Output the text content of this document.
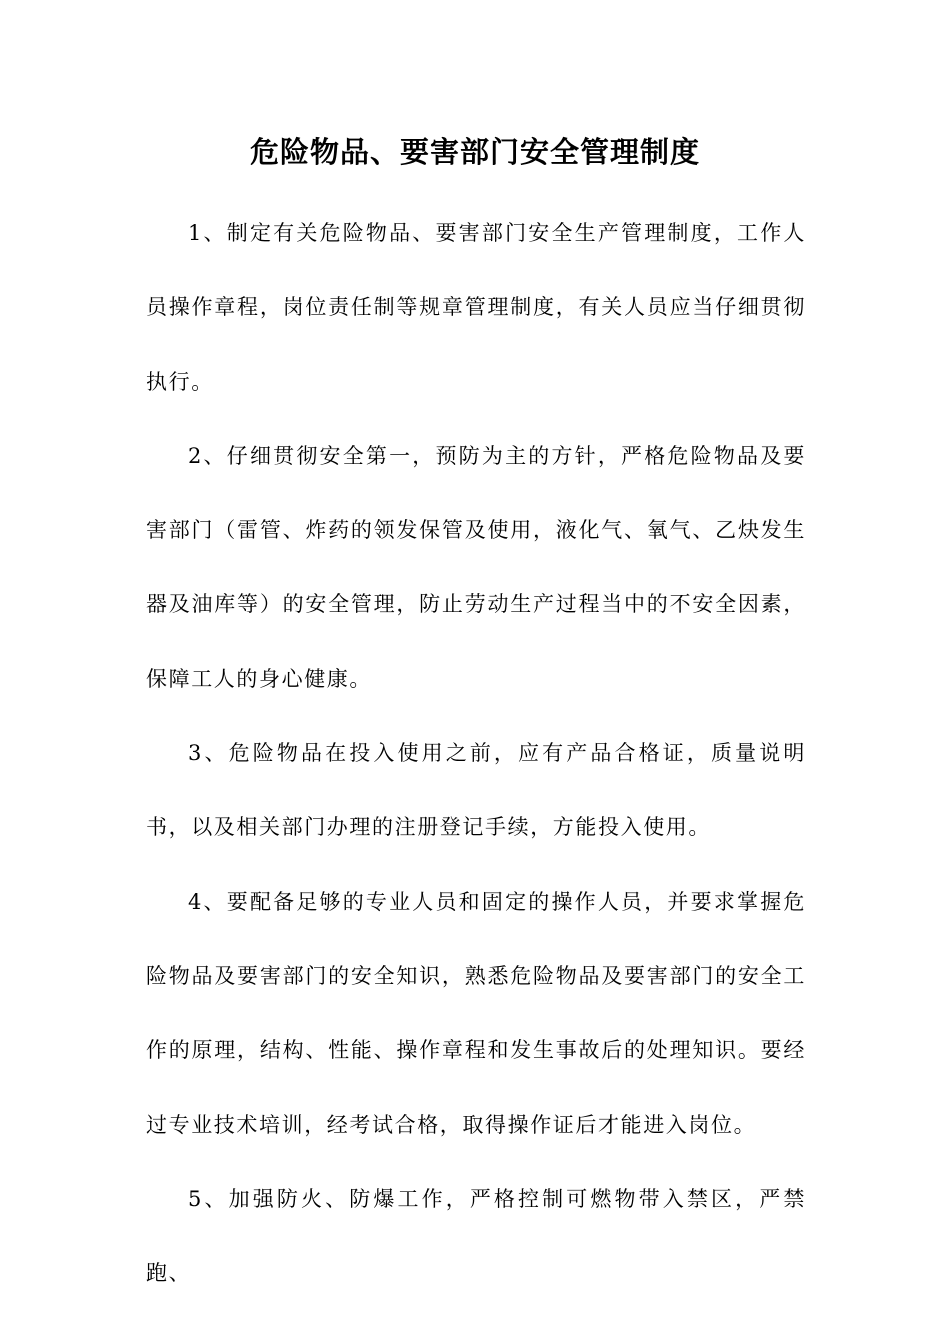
危险物品、要害部门安全管理制度

1、制定有关危险物品、要害部门安全生产管理制度，工作人员操作章程，岗位责任制等规章管理制度，有关人员应当仔细贯彻执行。

2、仔细贯彻安全第一，预防为主的方针，严格危险物品及要害部门（雷管、炸药的领发保管及使用，液化气、氧气、乙炔发生器及油库等）的安全管理，防止劳动生产过程当中的不安全因素，保障工人的身心健康。

3、危险物品在投入使用之前，应有产品合格证，质量说明书，以及相关部门办理的注册登记手续，方能投入使用。

4、要配备足够的专业人员和固定的操作人员，并要求掌握危险物品及要害部门的安全知识，熟悉危险物品及要害部门的安全工作的原理，结构、性能、操作章程和发生事故后的处理知识。要经过专业技术培训，经考试合格，取得操作证后才能进入岗位。

5、加强防火、防爆工作，严格控制可燃物带入禁区，严禁跑、
